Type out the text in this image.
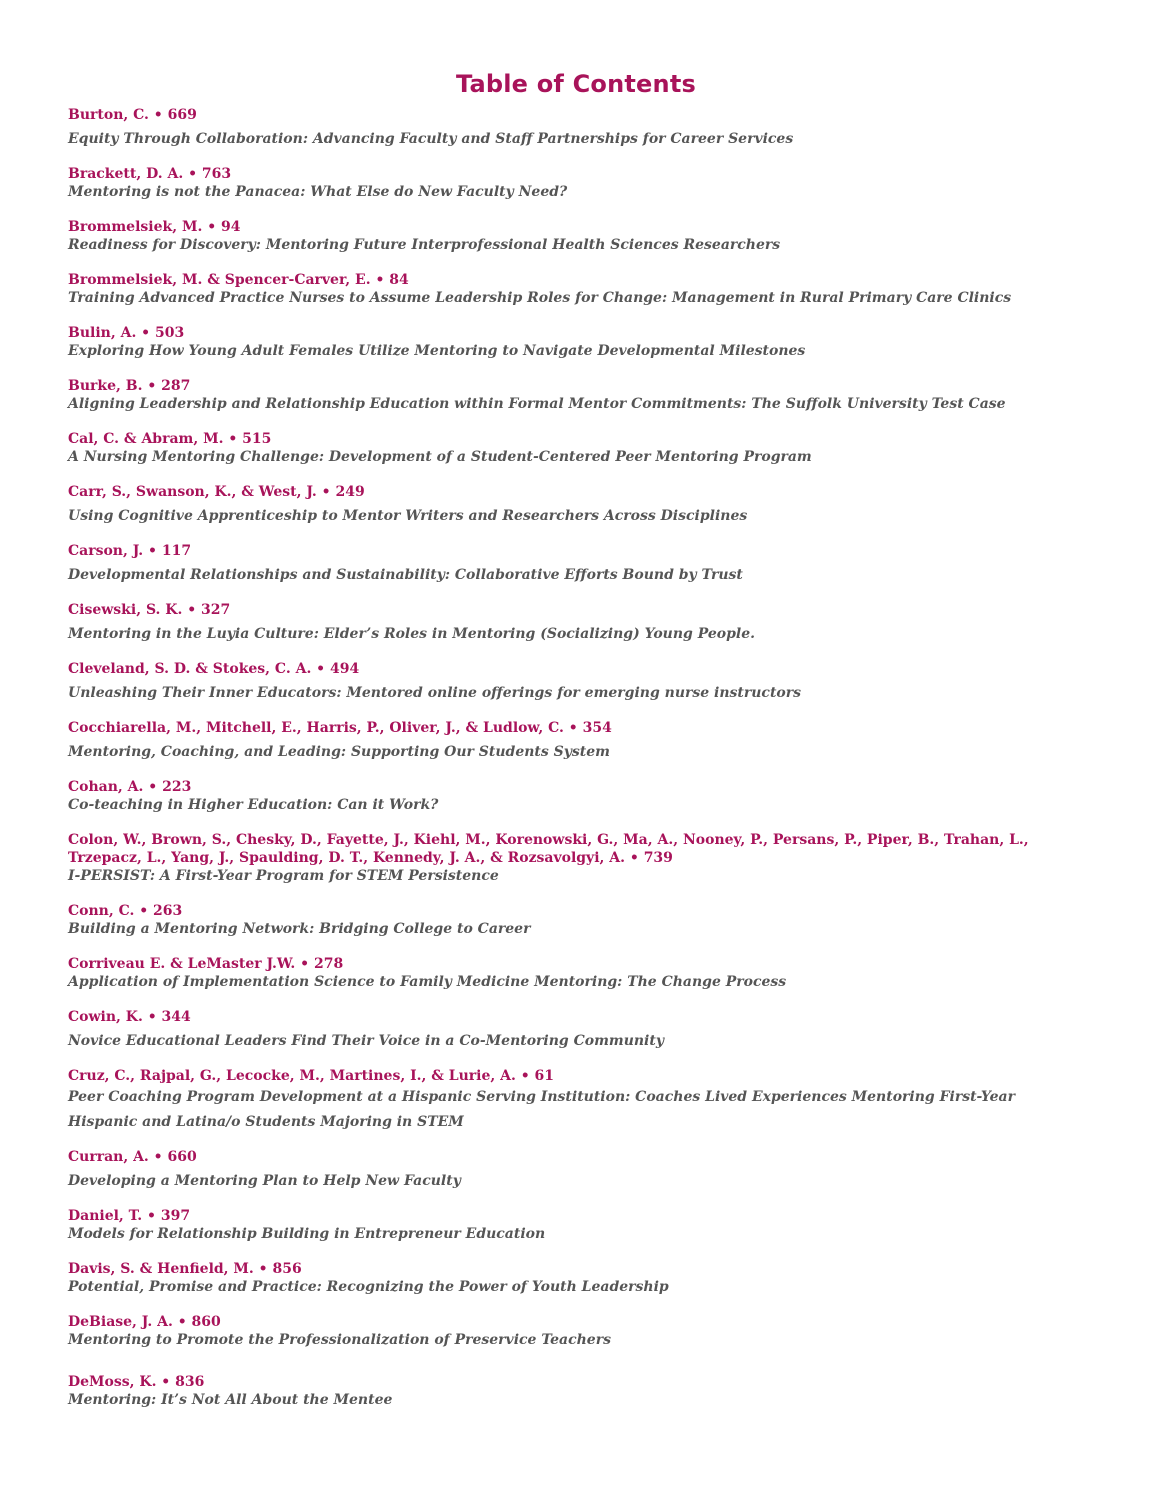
Table of Contents
Burton, C. • 669
Equity Through Collaboration: Advancing Faculty and Staff Partnerships for Career Services
Brackett, D. A. • 763
Mentoring is not the Panacea: What Else do New Faculty Need?
Brommelsiek, M. • 94
Readiness for Discovery: Mentoring Future Interprofessional Health Sciences Researchers
Brommelsiek, M. & Spencer-Carver, E. • 84
Training Advanced Practice Nurses to Assume Leadership Roles for Change: Management in Rural Primary Care Clinics
Bulin, A. • 503
Exploring How Young Adult Females Utilize Mentoring to Navigate Developmental Milestones
Burke, B. • 287
Aligning Leadership and Relationship Education within Formal Mentor Commitments: The Suffolk University Test Case
Cal, C. & Abram, M. • 515
A Nursing Mentoring Challenge: Development of a Student-Centered Peer Mentoring Program
Carr, S., Swanson, K., & West, J. • 249
Using Cognitive Apprenticeship to Mentor Writers and Researchers Across Disciplines
Carson, J. • 117
Developmental Relationships and Sustainability: Collaborative Efforts Bound by Trust
Cisewski, S. K. • 327
Mentoring in the Luyia Culture: Elder’s Roles in Mentoring (Socializing) Young People.
Cleveland, S. D. & Stokes, C. A. • 494
Unleashing Their Inner Educators: Mentored online offerings for emerging nurse instructors
Cocchiarella, M., Mitchell, E., Harris, P., Oliver, J., & Ludlow, C. • 354
Mentoring, Coaching, and Leading: Supporting Our Students System
Cohan, A. • 223
Co-teaching in Higher Education: Can it Work?
Colon, W., Brown, S., Chesky, D., Fayette, J., Kiehl, M., Korenowski, G., Ma, A., Nooney, P., Persans, P., Piper, B., Trahan, L., Trzepacz, L., Yang, J., Spaulding, D. T., Kennedy, J. A., & Rozsavolgyi, A. • 739
I-PERSIST: A First-Year Program for STEM Persistence
Conn, C. • 263
Building a Mentoring Network: Bridging College to Career
Corriveau E. & LeMaster J.W. • 278
Application of Implementation Science to Family Medicine Mentoring: The Change Process
Cowin, K. • 344
Novice Educational Leaders Find Their Voice in a Co-Mentoring Community
Cruz, C., Rajpal, G., Lecocke, M., Martines, I., & Lurie, A. • 61
Peer Coaching Program Development at a Hispanic Serving Institution: Coaches Lived Experiences Mentoring First-Year Hispanic and Latina/o Students Majoring in STEM
Curran, A. • 660
Developing a Mentoring Plan to Help New Faculty
Daniel, T. • 397
Models for Relationship Building in Entrepreneur Education
Davis, S. & Henfield, M. • 856
Potential, Promise and Practice: Recognizing the Power of Youth Leadership
DeBiase, J. A. • 860
Mentoring to Promote the Professionalization of Preservice Teachers
DeMoss, K. • 836
Mentoring: It’s Not All About the Mentee
